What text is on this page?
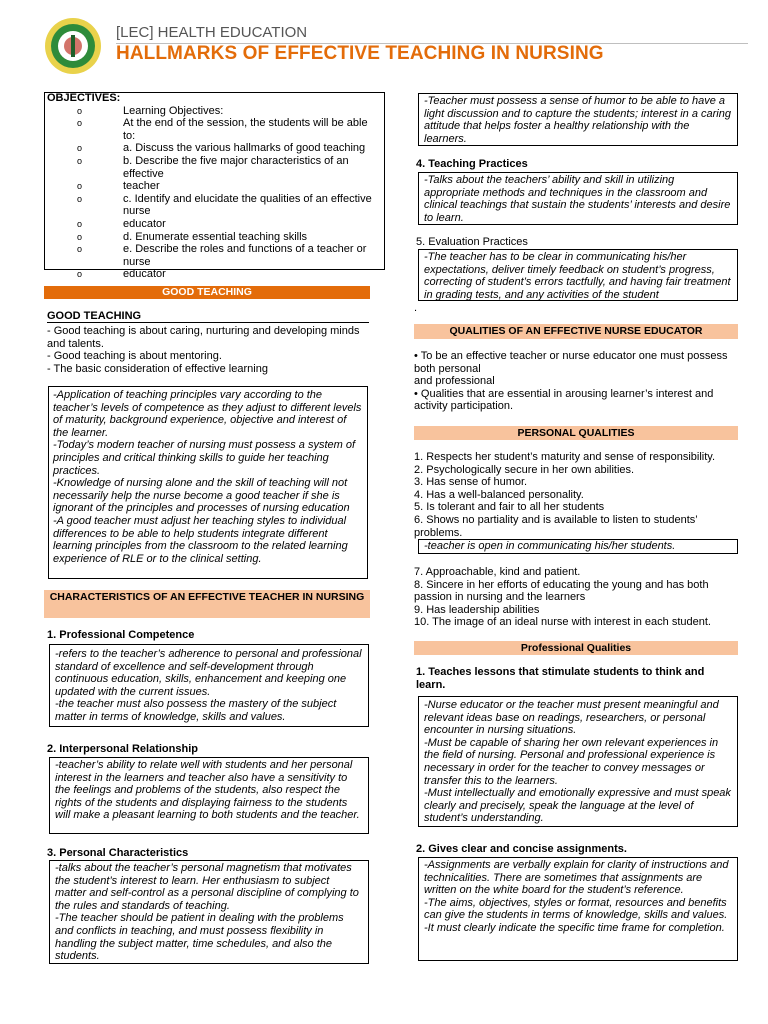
[LEC] HEALTH EDUCATION
HALLMARKS OF EFFECTIVE TEACHING IN NURSING
OBJECTIVES:
o	Learning Objectives:
o	At the end of the session, the students will be able to:
o	a. Discuss the various hallmarks of good teaching
o	b. Describe the five major characteristics of an effective
o	teacher
o	c. Identify and elucidate the qualities of an effective nurse
o	educator
o	d. Enumerate essential teaching skills
o	e. Describe the roles and functions of a teacher or nurse
o	educator
GOOD TEACHING
GOOD TEACHING

- Good teaching is about caring, nurturing and developing minds and talents.

- Good teaching is about mentoring.

- The basic consideration of effective learning

-Application of teaching principles vary according to the teacher’s levels of competence as they adjust to different levels of maturity, background experience, objective and interest of the learner.
-Today’s modern teacher of nursing must possess a system of principles and critical thinking skills to guide her teaching practices.
-Knowledge of nursing alone and the skill of teaching will not necessarily help the nurse become a good teacher if she is ignorant of the principles and processes of nursing education
-A good teacher must adjust her teaching styles to individual differences to be able to help students integrate different learning principles from the classroom to the related learning experience of RLE or to the clinical setting.
CHARACTERISTICS OF AN EFFECTIVE TEACHER IN NURSING
1. Professional Competence
-refers to the teacher’s adherence to personal and professional standard of excellence and self-development through continuous education, skills, enhancement and keeping one updated with the current issues.
-the teacher must also possess the mastery of the subject matter in terms of knowledge, skills and values.
2. Interpersonal Relationship
-teacher’s ability to relate well with students and her personal interest in the learners and teacher also have a sensitivity to the feelings and problems of the students, also respect the rights of the students and displaying fairness to the students will make a pleasant learning to both students and the teacher.
3. Personal Characteristics
-talks about the teacher’s personal magnetism that motivates the student’s interest to learn. Her enthusiasm to subject matter and self-control as a personal discipline of complying to the rules and standards of teaching.
-The teacher should be patient in dealing with the problems and conflicts in teaching, and must possess flexibility in handling the subject matter, time schedules, and also the students.
-Teacher must possess a sense of humor to be able to have a light discussion and to capture the students; interest in a caring attitude that helps foster a healthy relationship with the learners.
4. Teaching Practices
-Talks about the teachers’ ability and skill in utilizing appropriate methods and techniques in the classroom and clinical teachings that sustain the students’ interests and desire to learn.
5. Evaluation Practices
-The teacher has to be clear in communicating his/her expectations, deliver timely feedback on student’s progress, correcting of student’s errors tactfully, and having fair treatment in grading tests, and any activities of the student
.
QUALITIES OF AN EFFECTIVE NURSE EDUCATOR

• To be an effective teacher or nurse educator one must possess both personal

and professional

• Qualities that are essential in arousing learner’s interest and activity participation.

PERSONAL QUALITIES

1. Respects her student’s maturity and sense of responsibility.

2. Psychologically secure in her own abilities.

3. Has sense of humor.

4. Has a well-balanced personality.

5. Is tolerant and fair to all her students

6. Shows no partiality and is available to listen to students’ problems.

-teacher is open in communicating his/her students.

7. Approachable, kind and patient.

8. Sincere in her efforts of educating the young and has both passion in nursing and the learners

9. Has leadership abilities

10. The image of an ideal nurse with interest in each student.

Professional Qualities
1. Teaches lessons that stimulate students to think and learn.
-Nurse educator or the teacher must present meaningful and relevant ideas base on readings, researchers, or personal encounter in nursing situations.
-Must be capable of sharing her own relevant experiences in the field of nursing. Personal and professional experience is necessary in order for the teacher to convey messages or transfer this to the learners.
-Must intellectually and emotionally expressive and must speak clearly and precisely, speak the language at the level of student’s understanding.
2. Gives clear and concise assignments.
-Assignments are verbally explain for clarity of instructions and technicalities. There are sometimes that assignments are written on the white board for the student’s reference.
-The aims, objectives, styles or format, resources and benefits can give the students in terms of knowledge, skills and values.
-It must clearly indicate the specific time frame for completion.
